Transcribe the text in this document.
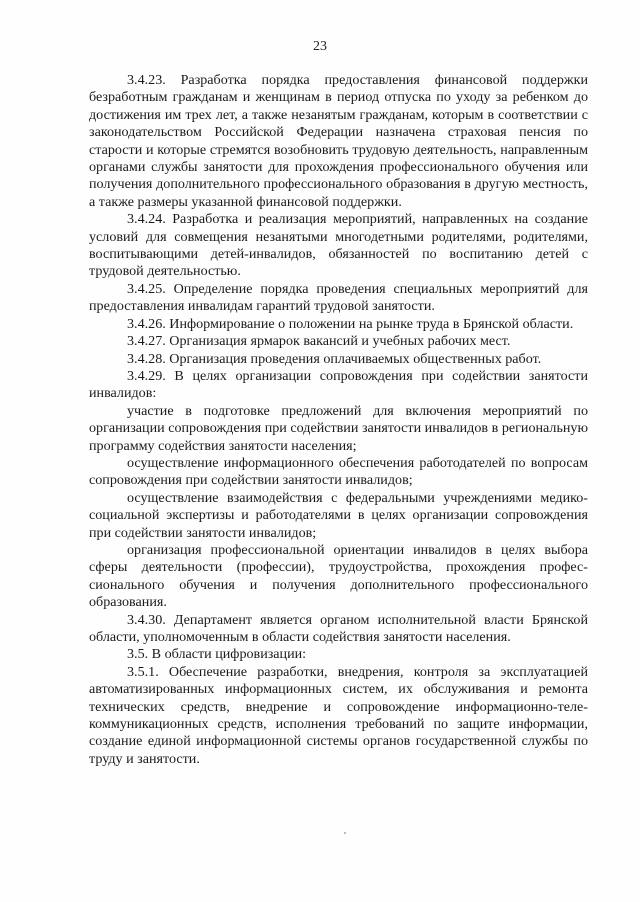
23

3.4.23. Разработка порядка предоставления финансовой поддержки безработным гражданам и женщинам в период отпуска по уходу за ребенком до достижения им трех лет, а также незанятым гражданам, которым в соответствии с законодательством Российской Федерации назначена страховая пенсия по старости и которые стремятся возобновить трудовую деятельность, направленным органами службы занятости для прохождения профессионального обучения или получения дополнительного профессионального образования в другую местность, а также размеры указанной финансовой поддержки.

3.4.24. Разработка и реализация мероприятий, направленных на создание условий для совмещения незанятыми многодетными родителями, родителями, воспитывающими детей-инвалидов, обязанностей по воспитанию детей с трудовой деятельностью.

3.4.25. Определение порядка проведения специальных мероприятий для предоставления инвалидам гарантий трудовой занятости.

3.4.26. Информирование о положении на рынке труда в Брянской области.

3.4.27. Организация ярмарок вакансий и учебных рабочих мест.

3.4.28. Организация проведения оплачиваемых общественных работ.

3.4.29. В целях организации сопровождения при содействии занятости инвалидов:

участие в подготовке предложений для включения мероприятий по организации сопровождения при содействии занятости инвалидов в региональную программу содействия занятости населения;

осуществление информационного обеспечения работодателей по вопросам сопровождения при содействии занятости инвалидов;

осуществление взаимодействия с федеральными учреждениями медико-социальной экспертизы и работодателями в целях организации сопровождения при содействии занятости инвалидов;

организация профессиональной ориентации инвалидов в целях выбора сферы деятельности (профессии), трудоустройства, прохождения профессионального обучения и получения дополнительного профессионального образования.

3.4.30. Департамент является органом исполнительной власти Брянской области, уполномоченным в области содействия занятости населения.

3.5. В области цифровизации:

3.5.1. Обеспечение разработки, внедрения, контроля за эксплуатацией автоматизированных информационных систем, их обслуживания и ремонта технических средств, внедрение и сопровождение информационно-телекоммуникационных средств, исполнения требований по защите информации, создание единой информационной системы органов государственной службы по труду и занятости.
